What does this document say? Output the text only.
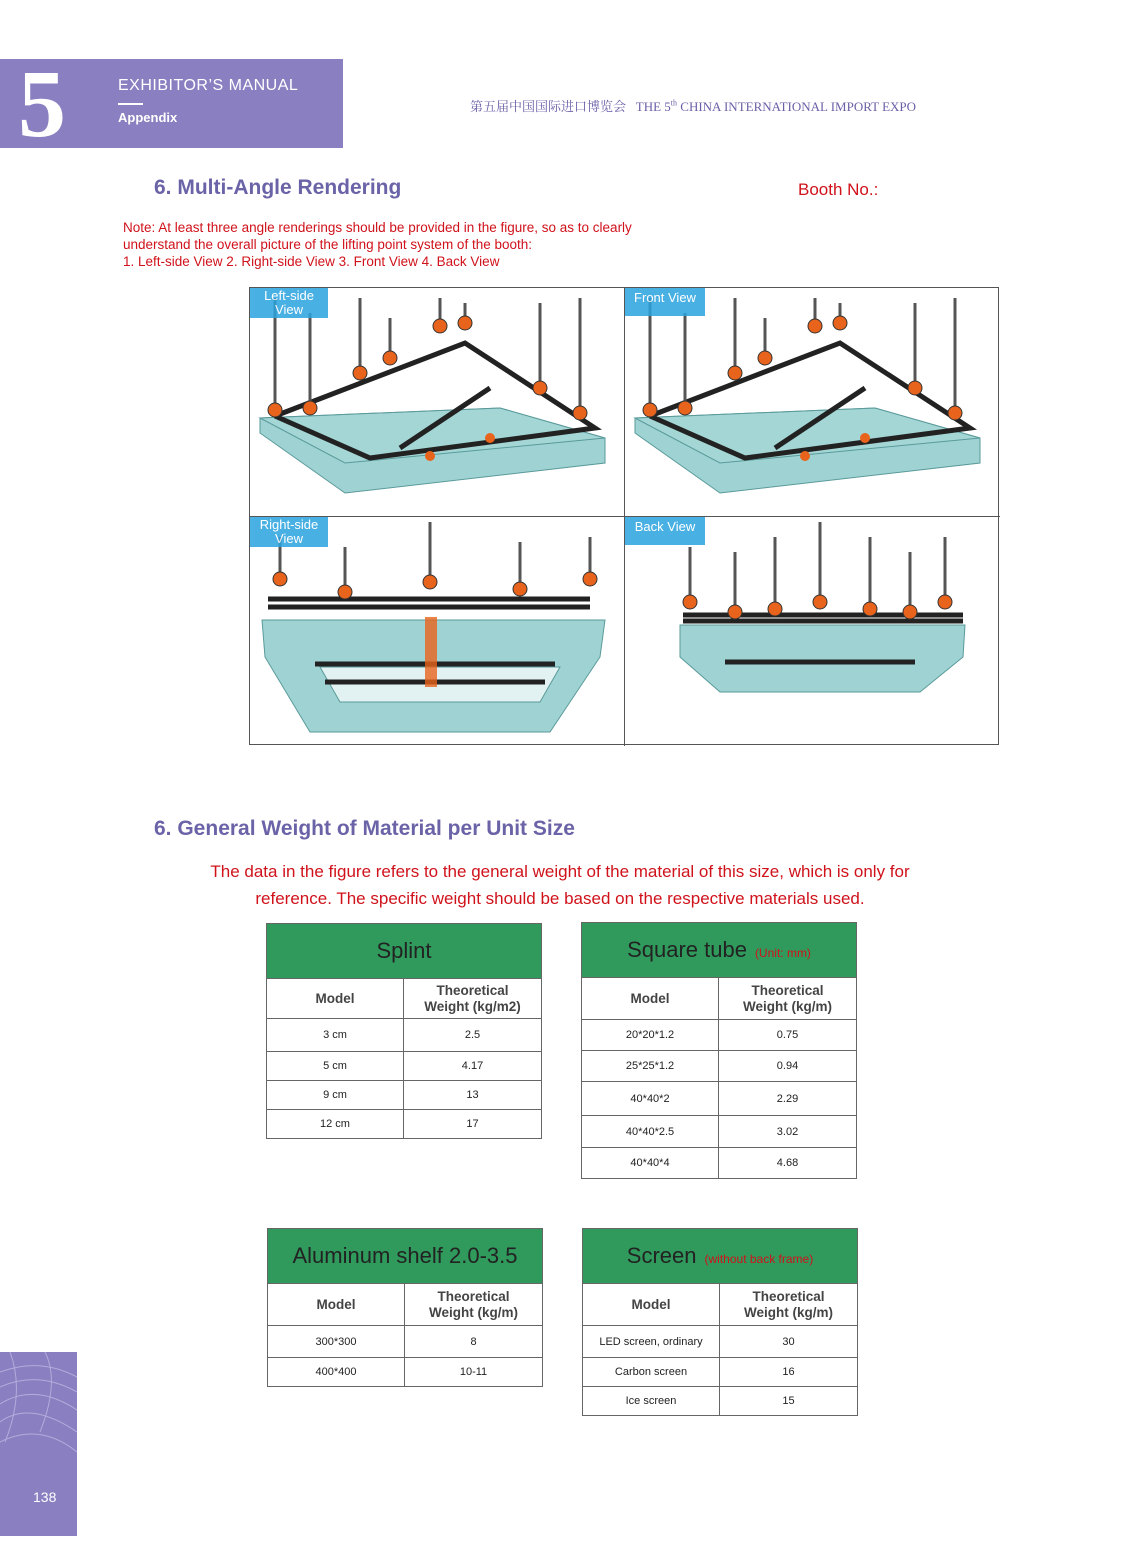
5	EXHIBITOR’S MANUAL
Appendix
第五届中国国际进口博览会 THE 5th CHINA INTERNATIONAL IMPORT EXPO
6. Multi-Angle Rendering	Booth No.:
Note: At least three angle renderings should be provided in the figure, so as to clearly
understand the overall picture of the lifting point system of the booth:
1. Left-side View 2. Right-side View 3. Front View 4. Back View
Left-side
View
Front View
Right-side
View
Back View
6. General Weight of Material per Unit Size
The data in the figure refers to the general weight of the material of this size, which is only for
reference. The specific weight should be based on the respective materials used.
Splint	
Model	Theoretical
Weight (kg/m2)

3 cm	2.5
5 cm	4.17
9 cm	13
12 cm	17
Square tube (Unit: mm)	
Model	Theoretical
Weight (kg/m)

20*20*1.2	0.75
25*25*1.2	0.94
40*40*2	2.29
40*40*2.5	3.02
40*40*4	4.68
Aluminum shelf 2.0-3.5	
Model	Theoretical
Weight (kg/m)

300*300	8
400*400	10-11
Screen (without back frame)	
Model	Theoretical
Weight (kg/m)

LED screen, ordinary	30
Carbon screen	16
Ice screen	15
138
